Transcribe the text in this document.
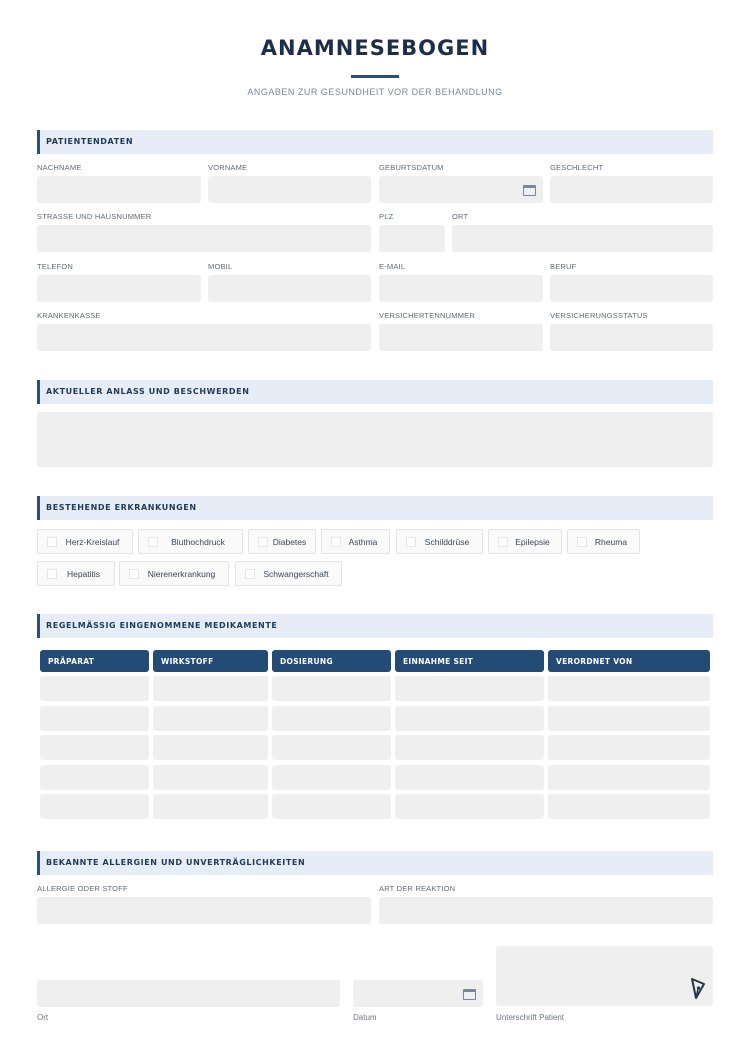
ANAMNESEBOGEN
ANGABEN ZUR GESUNDHEIT VOR DER BEHANDLUNG
PATIENTENDATEN
NACHNAME	VORNAME	GEBURTSDATUM	GESCHLECHT
STRASSE UND HAUSNUMMER	PLZ	ORT
TELEFON	MOBIL	E-MAIL	BERUF
KRANKENKASSE	VERSICHERTENNUMMER	VERSICHERUNGSSTATUS
AKTUELLER ANLASS UND BESCHWERDEN
BESTEHENDE ERKRANKUNGEN
Herz-Kreislauf	Bluthochdruck	Diabetes	Asthma	Schilddrüse	Epilepsie	Rheuma
Hepatitis	Nierenerkrankung	Schwangerschaft
REGELMÄSSIG EINGENOMMENE MEDIKAMENTE
PRÄPARAT	WIRKSTOFF	DOSIERUNG	EINNAHME SEIT	VERORDNET VON
BEKANNTE ALLERGIEN UND UNVERTRÄGLICHKEITEN
ALLERGIE ODER STOFF	ART DER REAKTION
Ort	Datum	Unterschrift Patient
